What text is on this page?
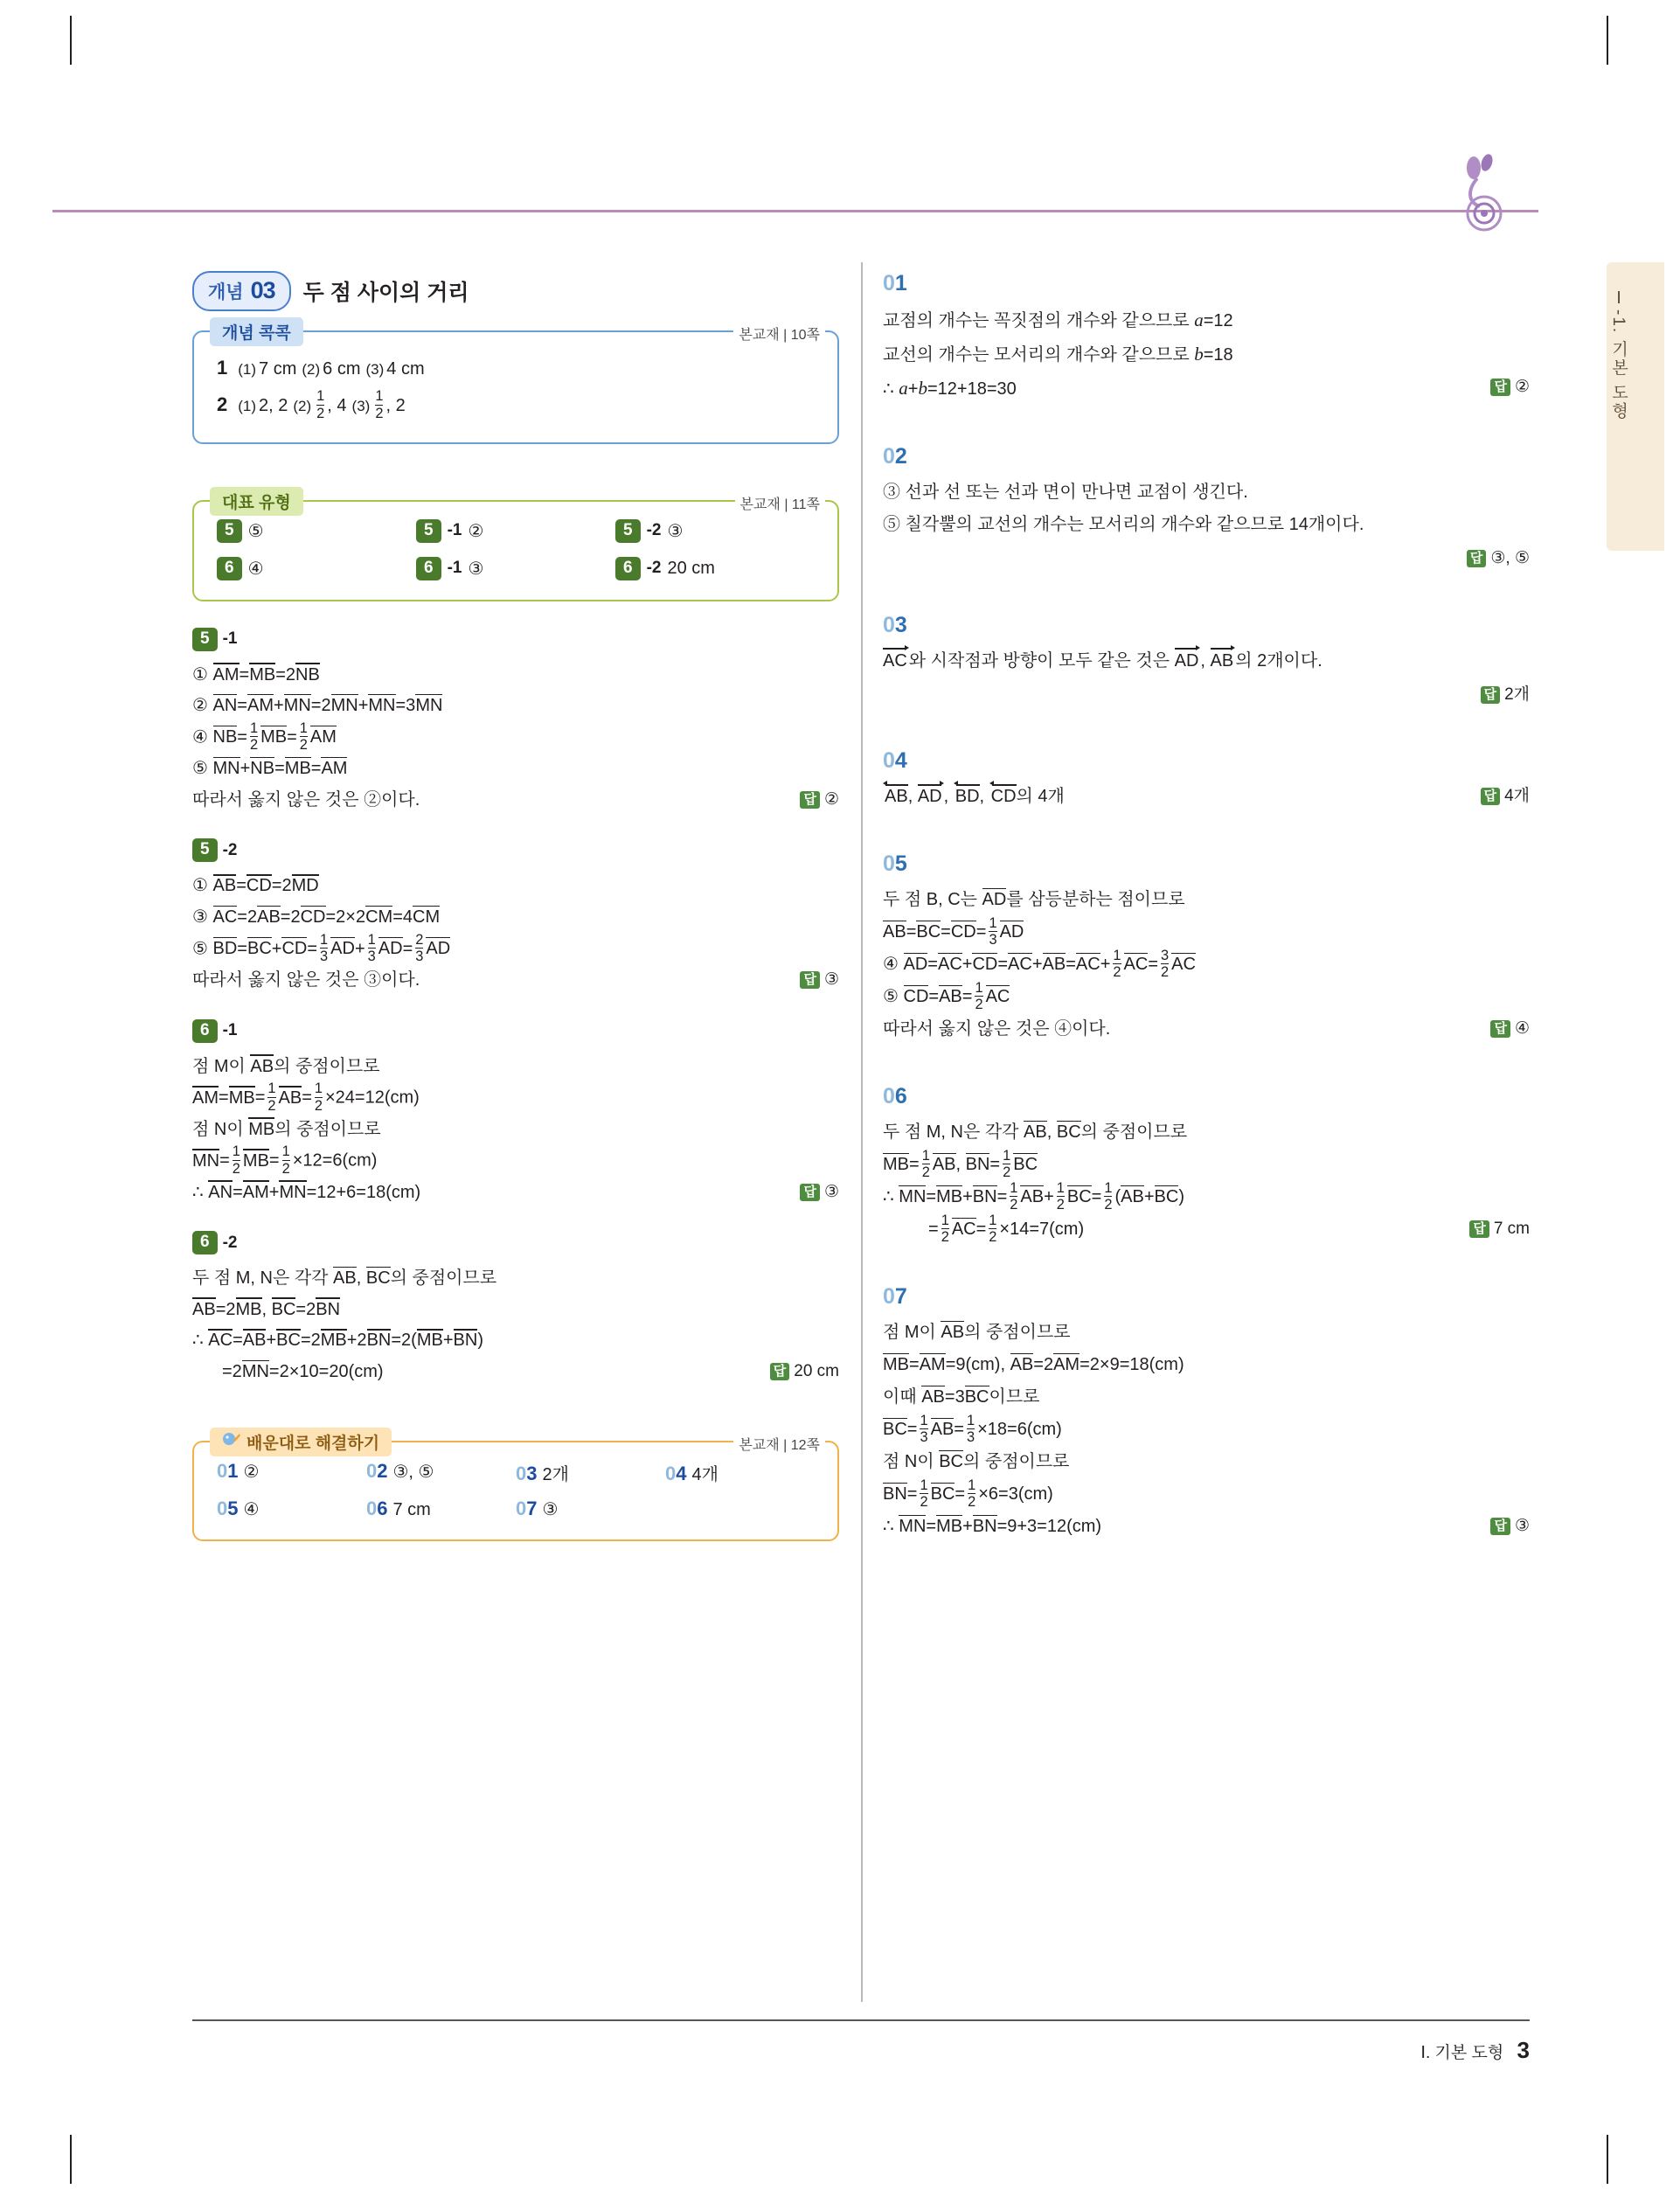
Ⅰ-1. 기본 도형
개념 03 두 점 사이의 거리
개념 콕콕	본교재 | 10쪽
1 (1) 7 cm (2) 6 cm (3) 4 cm
2 (1) 2, 2 $(2) \frac{1}{2}$ , 4 $(3) \frac{1}{2}$ , 2
대표 유형	본교재 | 11쪽
5 ⑤	5 -1 ②	5 -2 ③
6 ④	6 -1 ③	6 -2 20 cm
5 -1
① AM=MB=2NB
② AN=AM+MN=2MN+MN=3MN
④ $NB= \frac{1}{2} MB= \frac{1}{2}$ AM
⑤ MN+NB=MB=AM
따라서 옳지 않은 것은 ②이다.	답 ②
5 -2
① AB=CD=2MD
③ AC=2AB=2CD=2×2CM=4CM
⑤ $BD=BC+CD= \frac{1}{3} AD+ \frac{1}{3} AD= \frac{2}{3}$ AD
따라서 옳지 않은 것은 ③이다.	답 ③
6 -1
점 M이 AB의 중점이므로
$AM=MB= \frac{1}{2} AB= \frac{1}{2} \times 24=12(cm)$
점 N이 MB의 중점이므로
$MN= \frac{1}{2} MB= \frac{1}{2} \times 12=6(cm)$
∴ AN=AM+MN=12+6=18(cm)	답 ③
6 -2
두 점 M, N은 각각 AB, BC의 중점이므로
AB=2MB, BC=2BN
∴ AC=AB+BC=2MB+2BN=2(MB+BN)
=2MN=2×10=20(cm)	답 20 cm
배운대로 해결하기	본교재 | 12쪽
01 ②	02 ③, ⑤	03 2개	04 4개
05 ④	06 7 cm	07 ③
01
교점의 개수는 꼭짓점의 개수와 같으므로 a=12
교선의 개수는 모서리의 개수와 같으므로 b=18
∴ a+b=12+18=30	답 ②
02
③ 선과 선 또는 선과 면이 만나면 교점이 생긴다.
⑤ 칠각뿔의 교선의 개수는 모서리의 개수와 같으므로 14개이다.
답 ③, ⑤
03
AC 와 시작점과 방향이 모두 같은 것은 AD , AB 의 2개이다.
답 2개
04
AB, AD , BD, CD의 4개	답 4개
05
두 점 B, C는 AD를 삼등분하는 점이므로
$AB=BC=CD= \frac{1}{3}$ AD
④ $AD=AC+CD=AC+AB=AC+ \frac{1}{2} AC= \frac{3}{2}$ AC
⑤ $CD=AB= \frac{1}{2}$ AC
따라서 옳지 않은 것은 ④이다.	답 ④
06
두 점 M, N은 각각 AB, BC의 중점이므로
$MB= \frac{1}{2}$ AB, $BN= \frac{1}{2}$ BC
∴ $MN=MB+BN= \frac{1}{2} AB+ \frac{1}{2} BC= \frac{1}{2} (AB+BC)$
= $\frac{1}{2} AC= \frac{1}{2} \times 14=7(cm)$	답 7 cm
07
점 M이 AB의 중점이므로
MB=AM=9(cm), AB=2AM=2×9=18(cm)
이때 AB=3BC이므로
$BC= \frac{1}{3} AB= \frac{1}{3} \times 18=6(cm)$
점 N이 BC의 중점이므로
$BN= \frac{1}{2} BC= \frac{1}{2} \times 6=3(cm)$
∴ MN=MB+BN=9+3=12(cm)	답 ③
Ⅰ. 기본 도형 3
